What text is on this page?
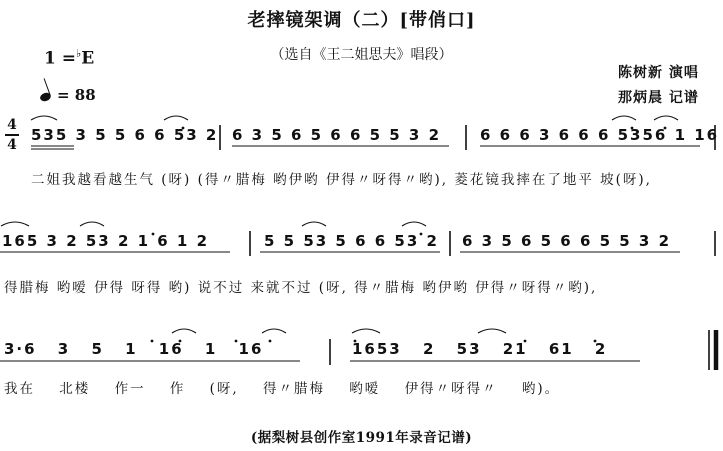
老摔镜架调（二）[带俏口]
（选自《王二姐思夫》唱段）
1 =♭E
= 88
陈树新 演唱
那炳晨 记谱
4
4
535 3 5 5 6 6 53 2 6 3 5 6 5 6 6 5 5 3 2	6 6 6 3 6 6 6 5356 1 16
二姐我越看越生气 (呀) (得〃腊梅 哟伊哟 伊得〃呀得〃哟), 菱花镜我摔在了地平 坡(呀),
165 3 2 53 2 1 6 1 2	5 5 53 5 6 6 53 2 6 3 5 6 5 6 6 5 5 3 2
得腊梅 哟嗳 伊得 呀得 哟) 说不过 来就不过 (呀, 得〃腊梅 哟伊哟 伊得〃呀得〃哟),
3·6 3 5 1 16 1 16	1653 2 53 21 61 2
我在 北楼 作一 作 (呀, 得〃腊梅 哟嗳 伊得〃呀得〃 哟)。
(据梨树县创作室1991年录音记谱)
